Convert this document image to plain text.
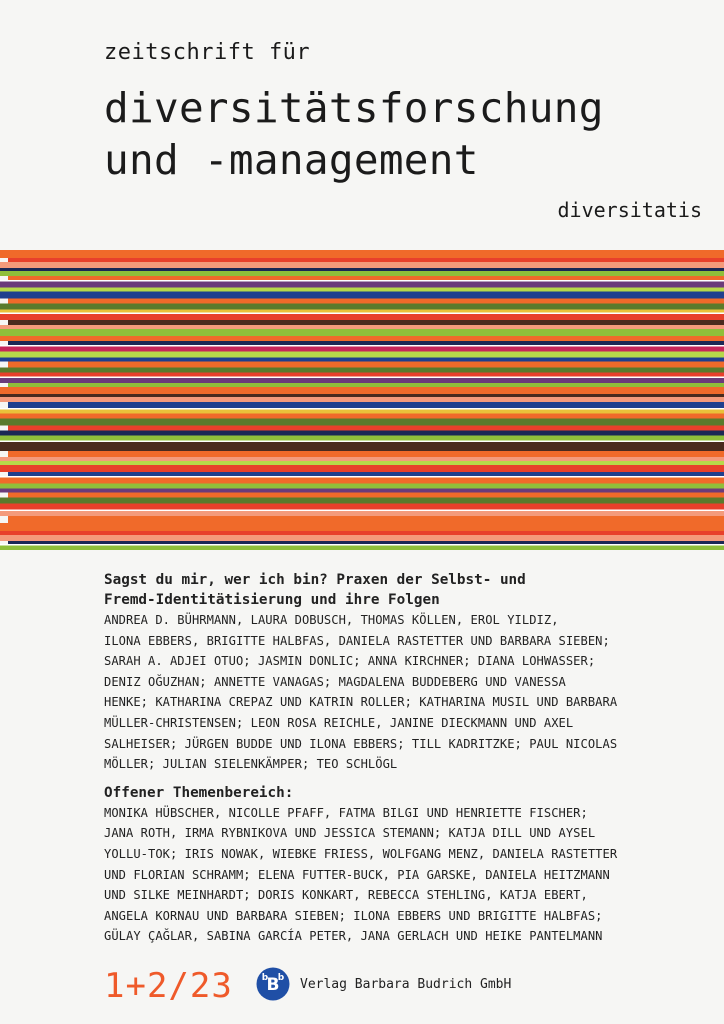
zeitschrift für
diversitätsforschung
und -management
diversitatis

Sagst du mir, wer ich bin? Praxen der Selbst- und
Fremd-Identitätisierung und ihre Folgen

ANDREA D. BÜHRMANN, LAURA DOBUSCH, THOMAS KÖLLEN, EROL YILDIZ,
ILONA EBBERS, BRIGITTE HALBFAS, DANIELA RASTETTER UND BARBARA SIEBEN;
SARAH A. ADJEI OTUO; JASMIN DONLIC; ANNA KIRCHNER; DIANA LOHWASSER;
DENIZ OĞUZHAN; ANNETTE VANAGAS; MAGDALENA BUDDEBERG UND VANESSA
HENKE; KATHARINA CREPAZ UND KATRIN ROLLER; KATHARINA MUSIL UND BARBARA
MÜLLER-CHRISTENSEN; LEON ROSA REICHLE, JANINE DIECKMANN UND AXEL
SALHEISER; JÜRGEN BUDDE UND ILONA EBBERS; TILL KADRITZKE; PAUL NICOLAS
MÖLLER; JULIAN SIELENKÄMPER; TEO SCHLÖGL

Offener Themenbereich:

MONIKA HÜBSCHER, NICOLLE PFAFF, FATMA BILGI UND HENRIETTE FISCHER;
JANA ROTH, IRMA RYBNIKOVA UND JESSICA STEMANN; KATJA DILL UND AYSEL
YOLLU-TOK; IRIS NOWAK, WIEBKE FRIESS, WOLFGANG MENZ, DANIELA RASTETTER
UND FLORIAN SCHRAMM; ELENA FUTTER-BUCK, PIA GARSKE, DANIELA HEITZMANN
UND SILKE MEINHARDT; DORIS KONKART, REBECCA STEHLING, KATJA EBERT,
ANGELA KORNAU UND BARBARA SIEBEN; ILONA EBBERS UND BRIGITTE HALBFAS;
GÜLAY ÇAĞLAR, SABINA GARCÍA PETER, JANA GERLACH UND HEIKE PANTELMANN

1+2/23 B
b b Verlag Barbara Budrich GmbH
